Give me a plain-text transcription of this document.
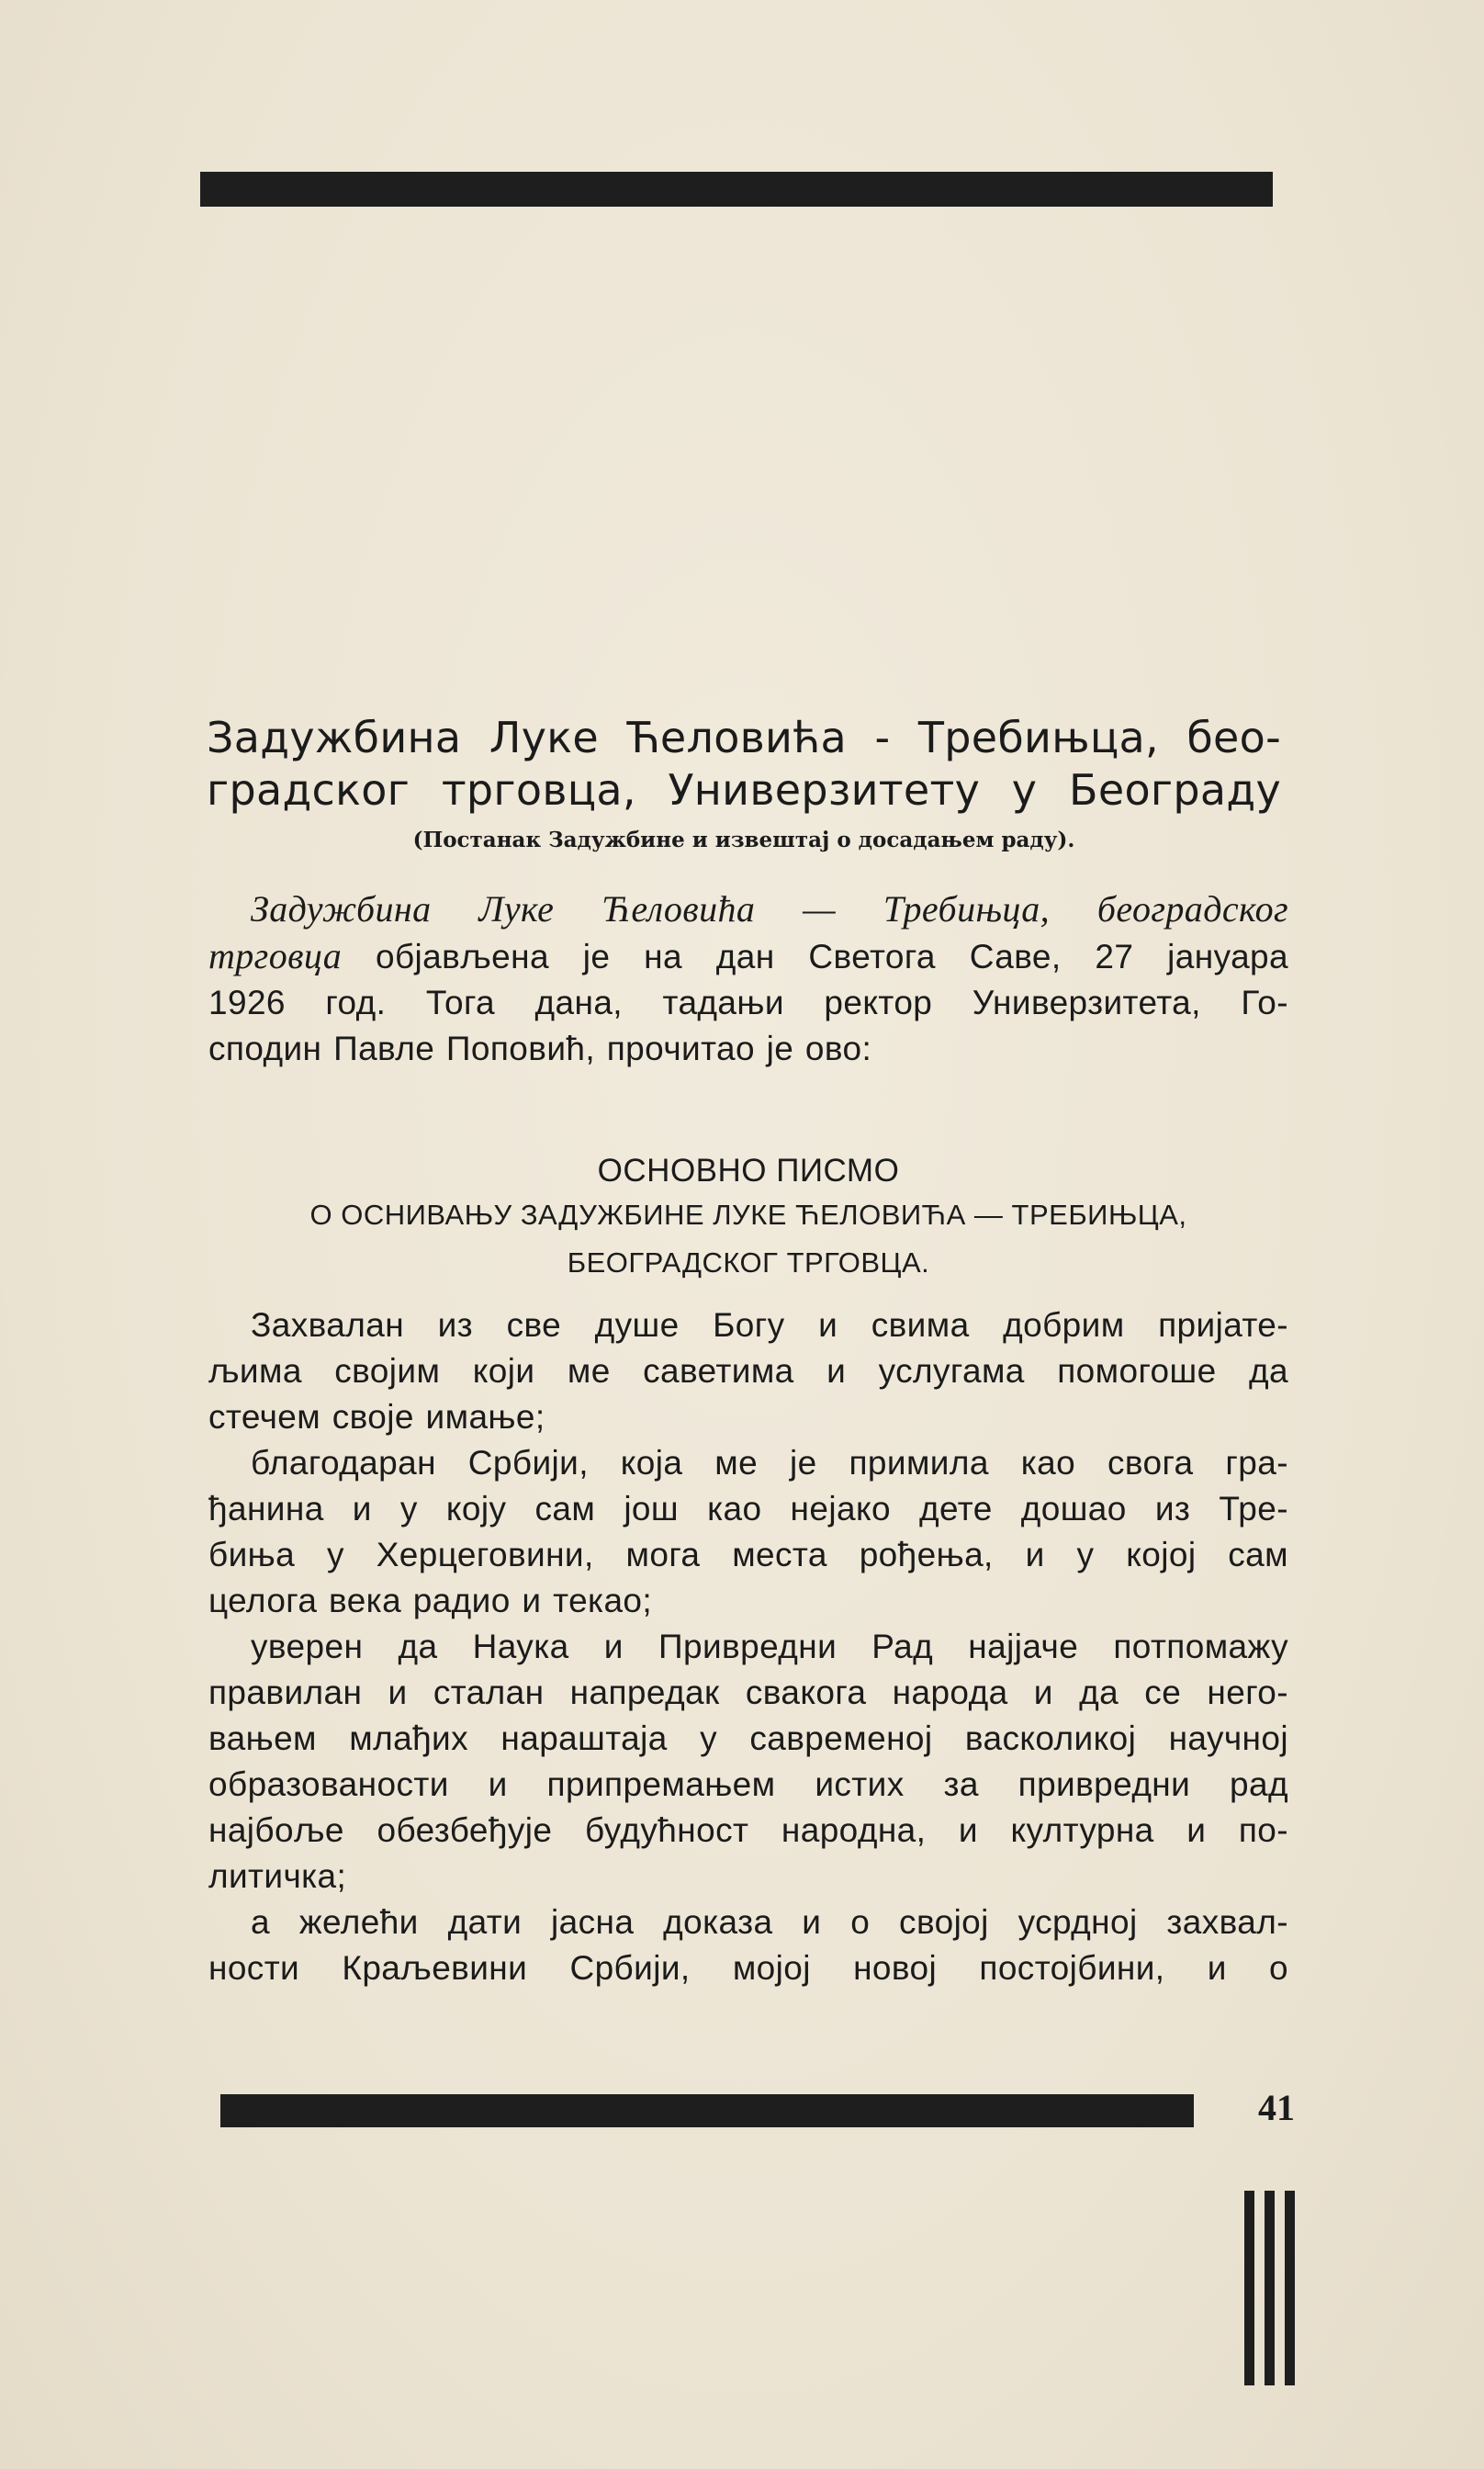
Задужбина Луке Ћеловића - Требињца, бео-
градског трговца, Универзитету у Београду
(Постанак Задужбине и извештај о досадањем раду).
Задужбина Луке Ћеловића — Требињца, београдског
трговца објављена је на дан Светога Саве, 27 јануара
1926 год. Тога дана, тадањи ректор Универзитета, Го-
сподин Павле Поповић, прочитао је ово:
ОСНОВНО ПИСМО
О ОСНИВАЊУ ЗАДУЖБИНЕ ЛУКЕ ЋЕЛОВИЋА — ТРЕБИЊЦА,
БЕОГРАДСКОГ ТРГОВЦА.
Захвалан из све душе Богу и свима добрим пријате-
љима својим који ме саветима и услугама помогоше да
стечем своје имање;
благодаран Србији, која ме је примила као свога гра-
ђанина и у коју сам још као нејако дете дошао из Тре-
биња у Херцеговини, мога места рођења, и у којој сам
целога века радио и текао;
уверен да Наука и Привредни Рад најјаче потпомажу
правилан и сталан напредак свакога народа и да се него-
вањем млађих нараштаја у савременој васколикој научној
образованости и припремањем истих за привредни рад
најбоље обезбеђује будућност народна, и културна и по-
литичка;
а желећи дати јасна доказа и о својој усрдној захвал-
ности Краљевини Србији, мојој новој постојбини, и о
41
